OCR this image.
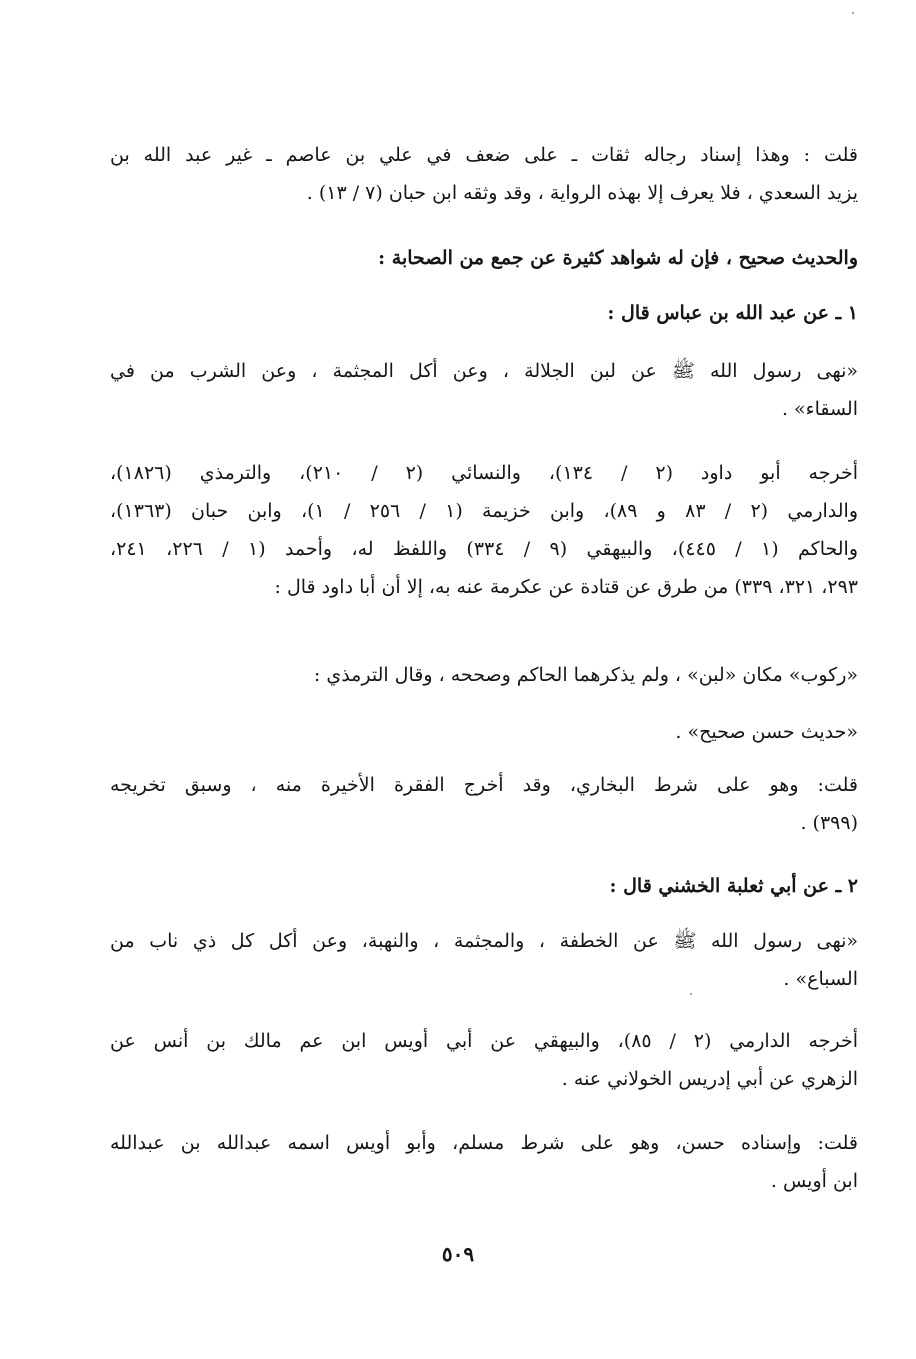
قلت : وهذا إسناد رجاله ثقات ـ على ضعف في علي بن عاصم ـ غير عبد الله بن
يزيد السعدي ، فلا يعرف إلا بهذه الرواية ، وقد وثقه ابن حبان (٧ / ١٣) .
والحديث صحيح ، فإن له شواهد كثيرة عن جمع من الصحابة :
١ ـ عن عبد الله بن عباس قال :
«نهى رسول الله ﷺ عن لبن الجلالة ، وعن أكل المجثمة ، وعن الشرب من في
السقاء» .
أخرجه أبو داود (٢ / ١٣٤)، والنسائي (٢ / ٢١٠)، والترمذي (١٨٢٦)،
والدارمي (٢ / ٨٣ و ٨٩)، وابن خزيمة (١ / ٢٥٦ / ١)، وابن حبان (١٣٦٣)،
والحاكم (١ / ٤٤٥)، والبيهقي (٩ / ٣٣٤) واللفظ له، وأحمد (١ / ٢٢٦، ٢٤١،
٢٩٣، ٣٢١، ٣٣٩) من طرق عن قتادة عن عكرمة عنه به، إلا أن أبا داود قال :
«ركوب» مكان «لبن» ، ولم يذكرهما الحاكم وصححه ، وقال الترمذي :
«حديث حسن صحيح» .
قلت: وهو على شرط البخاري، وقد أخرج الفقرة الأخيرة منه ، وسبق تخريجه
(٣٩٩) .
٢ ـ عن أبي ثعلبة الخشني قال :
«نهى رسول الله ﷺ عن الخطفة ، والمجثمة ، والنهبة، وعن أكل كل ذي ناب من
السباع» .
أخرجه الدارمي (٢ / ٨٥)، والبيهقي عن أبي أويس ابن عم مالك بن أنس عن
الزهري عن أبي إدريس الخولاني عنه .
قلت: وإسناده حسن، وهو على شرط مسلم، وأبو أويس اسمه عبدالله بن عبدالله
ابن أويس .
٥٠٩
